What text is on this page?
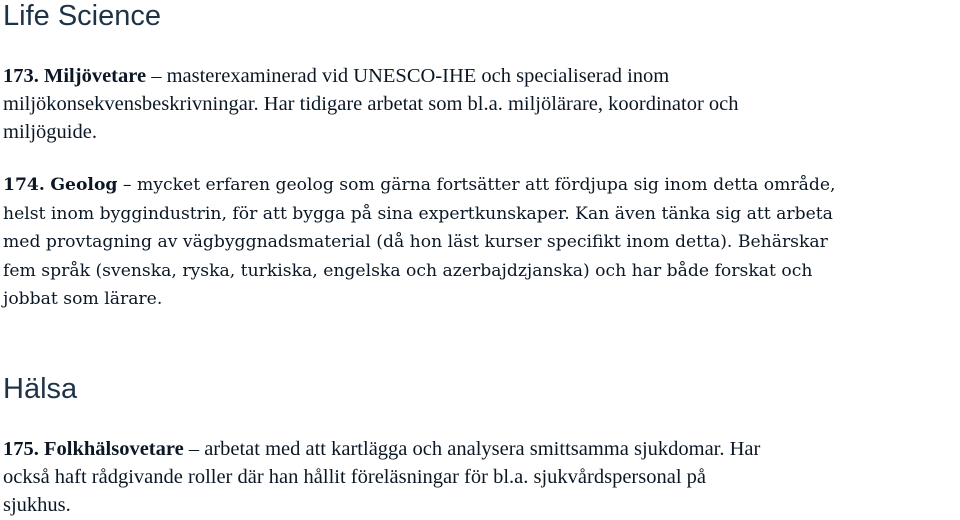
Life Science

173. Miljövetare – masterexaminerad vid UNESCO-IHE och specialiserad inom
miljökonsekvensbeskrivningar. Har tidigare arbetat som bl.a. miljölärare, koordinator och
miljöguide.

174. Geolog – mycket erfaren geolog som gärna fortsätter att fördjupa sig inom detta område,
helst inom byggindustrin, för att bygga på sina expertkunskaper. Kan även tänka sig att arbeta
med provtagning av vägbyggnadsmaterial (då hon läst kurser specifikt inom detta). Behärskar
fem språk (svenska, ryska, turkiska, engelska och azerbajdzjanska) och har både forskat och
jobbat som lärare.

Hälsa

175. Folkhälsovetare – arbetat med att kartlägga och analysera smittsamma sjukdomar. Har
också haft rådgivande roller där han hållit föreläsningar för bl.a. sjukvårdspersonal på
sjukhus.
